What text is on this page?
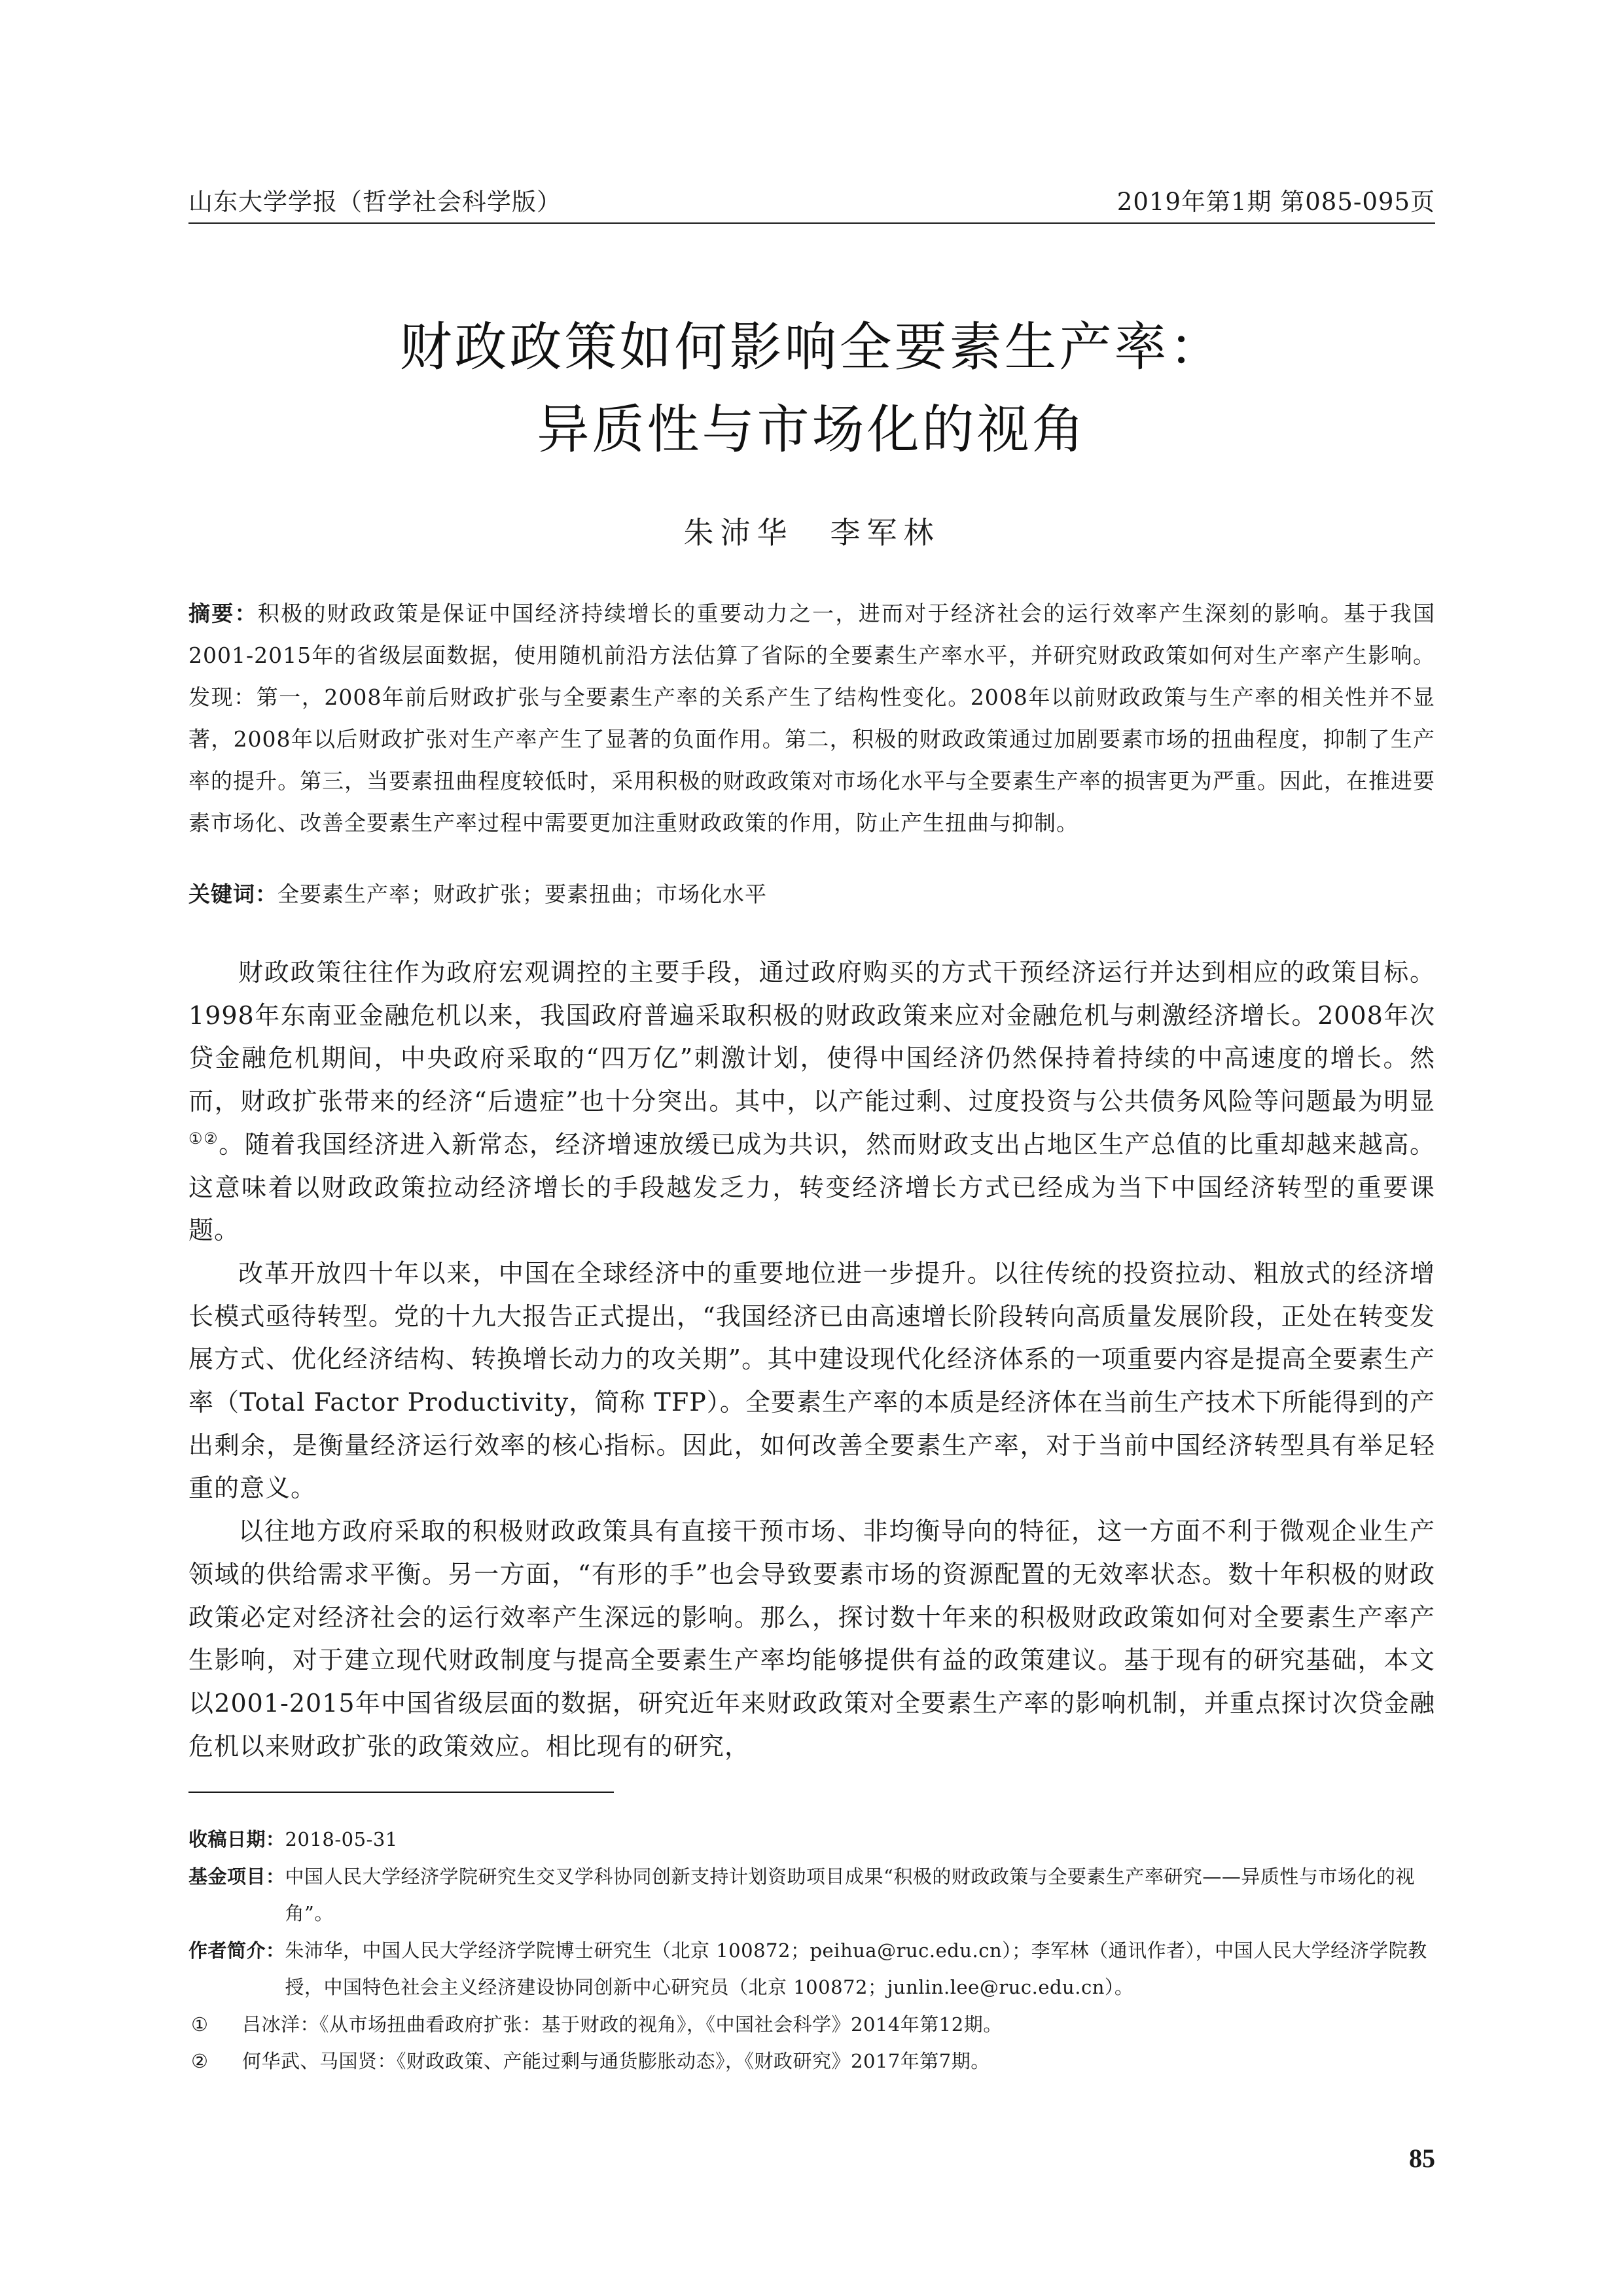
山东大学学报（哲学社会科学版）	2019年第1期 第085-095页
财政政策如何影响全要素生产率：
异质性与市场化的视角
朱沛华　李军林
摘要：积极的财政政策是保证中国经济持续增长的重要动力之一，进而对于经济社会的运行效率产生深刻的影响。基于我国2001-2015年的省级层面数据，使用随机前沿方法估算了省际的全要素生产率水平，并研究财政政策如何对生产率产生影响。发现：第一，2008年前后财政扩张与全要素生产率的关系产生了结构性变化。2008年以前财政政策与生产率的相关性并不显著，2008年以后财政扩张对生产率产生了显著的负面作用。第二，积极的财政政策通过加剧要素市场的扭曲程度，抑制了生产率的提升。第三，当要素扭曲程度较低时，采用积极的财政政策对市场化水平与全要素生产率的损害更为严重。因此，在推进要素市场化、改善全要素生产率过程中需要更加注重财政政策的作用，防止产生扭曲与抑制。
关键词：全要素生产率；财政扩张；要素扭曲；市场化水平

财政政策往往作为政府宏观调控的主要手段，通过政府购买的方式干预经济运行并达到相应的政策目标。1998年东南亚金融危机以来，我国政府普遍采取积极的财政政策来应对金融危机与刺激经济增长。2008年次贷金融危机期间，中央政府采取的“四万亿”刺激计划，使得中国经济仍然保持着持续的中高速度的增长。然而，财政扩张带来的经济“后遗症”也十分突出。其中，以产能过剩、过度投资与公共债务风险等问题最为明显①②。随着我国经济进入新常态，经济增速放缓已成为共识，然而财政支出占地区生产总值的比重却越来越高。这意味着以财政政策拉动经济增长的手段越发乏力，转变经济增长方式已经成为当下中国经济转型的重要课题。

改革开放四十年以来，中国在全球经济中的重要地位进一步提升。以往传统的投资拉动、粗放式的经济增长模式亟待转型。党的十九大报告正式提出，“我国经济已由高速增长阶段转向高质量发展阶段，正处在转变发展方式、优化经济结构、转换增长动力的攻关期”。其中建设现代化经济体系的一项重要内容是提高全要素生产率（Total Factor Productivity，简称 TFP）。全要素生产率的本质是经济体在当前生产技术下所能得到的产出剩余，是衡量经济运行效率的核心指标。因此，如何改善全要素生产率，对于当前中国经济转型具有举足轻重的意义。

以往地方政府采取的积极财政政策具有直接干预市场、非均衡导向的特征，这一方面不利于微观企业生产领域的供给需求平衡。另一方面，“有形的手”也会导致要素市场的资源配置的无效率状态。数十年积极的财政政策必定对经济社会的运行效率产生深远的影响。那么，探讨数十年来的积极财政政策如何对全要素生产率产生影响，对于建立现代财政制度与提高全要素生产率均能够提供有益的政策建议。基于现有的研究基础，本文以2001-2015年中国省级层面的数据，研究近年来财政政策对全要素生产率的影响机制，并重点探讨次贷金融危机以来财政扩张的政策效应。相比现有的研究，

收稿日期： 2018-05-31
基金项目： 中国人民大学经济学院研究生交叉学科协同创新支持计划资助项目成果“积极的财政政策与全要素生产率研究——异质性与市场化的视角”。
作者简介： 朱沛华，中国人民大学经济学院博士研究生（北京 100872；peihua@ruc.edu.cn）；李军林（通讯作者），中国人民大学经济学院教授，中国特色社会主义经济建设协同创新中心研究员（北京 100872；junlin.lee@ruc.edu.cn）。
①	吕冰洋：《从市场扭曲看政府扩张：基于财政的视角》，《中国社会科学》2014年第12期。
②	何华武、马国贤：《财政政策、产能过剩与通货膨胀动态》，《财政研究》2017年第7期。
85
